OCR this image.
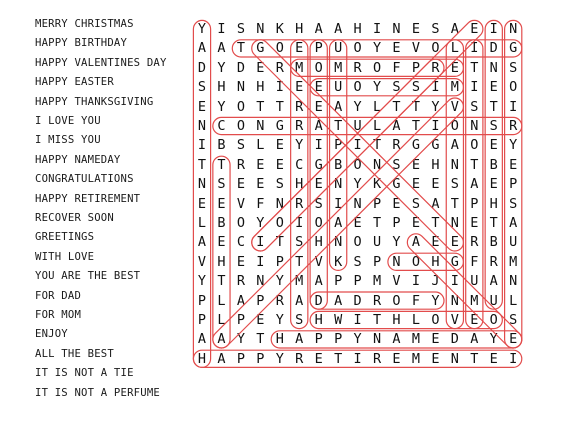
MERRY CHRISTMAS
HAPPY BIRTHDAY
HAPPY VALENTINES DAY
HAPPY EASTER
HAPPY THANKSGIVING
I LOVE YOU
I MISS YOU
HAPPY NAMEDAY
CONGRATULATIONS
HAPPY RETIREMENT
RECOVER SOON
GREETINGS
WITH LOVE
YOU ARE THE BEST
FOR DAD
FOR MOM
ENJOY
ALL THE BEST
IT IS NOT A TIE
IT IS NOT A PERFUME
Y I S N K H A A H I N E S A E I N
A A T G O E P U O Y E V O L I D G
D Y D E R M O M R O F P R E T N S
S H N H I E E U O Y S S I M I E O
E Y O T T R E A Y L T T Y V S T I
N C O N G R A T U L A T I O N S R
I B S L E Y I P I T R G G A O E Y
T T R E E C G B O N S E H N T B E
N S E E S H E N Y K G E E S A E P
E E V F N R S I N P E S A T P H S
L B O Y O I O A E T P E T N E T A
A E C I T S H N O U Y A E E R B U
V H E I P T V K S P N O H G F R M
Y T R N Y M A P P M V I J I U A N
P L A P R A D A D R O F Y N M U L
P L P E Y S H W I T H L O V E O S
A A Y T H A P P Y N A M E D A Y E
H A P P Y R E T I R E M E N T E I
